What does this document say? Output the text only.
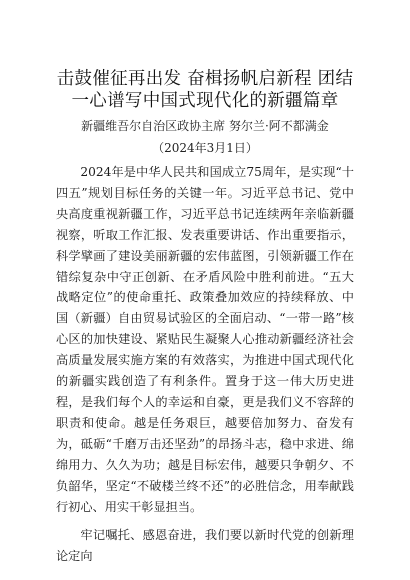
击鼓催征再出发 奋楫扬帆启新程 团结一心谱写中国式现代化的新疆篇章
新疆维吾尔自治区政协主席 努尔兰·阿不都满金
（2024年3月1日）

2024年是中华人民共和国成立75周年，是实现“十四五”规划目标任务的关键一年。习近平总书记、党中央高度重视新疆工作，习近平总书记连续两年亲临新疆视察，听取工作汇报、发表重要讲话、作出重要指示，科学擘画了建设美丽新疆的宏伟蓝图，引领新疆工作在错综复杂中守正创新、在矛盾风险中胜利前进。“五大战略定位”的使命重托、政策叠加效应的持续释放、中国（新疆）自由贸易试验区的全面启动、“一带一路”核心区的加快建设、紧贴民生凝聚人心推动新疆经济社会高质量发展实施方案的有效落实，为推进中国式现代化的新疆实践创造了有利条件。置身于这一伟大历史进程，是我们每个人的幸运和自豪，更是我们义不容辞的职责和使命。越是任务艰巨，越要倍加努力、奋发有为，砥砺“千磨万击还坚劲”的昂扬斗志，稳中求进、绵绵用力、久久为功；越是目标宏伟，越要只争朝夕、不负韶华，坚定“不破楼兰终不还”的必胜信念，用奉献践行初心、用实干彰显担当。

牢记嘱托、感恩奋进，我们要以新时代党的创新理论定向
